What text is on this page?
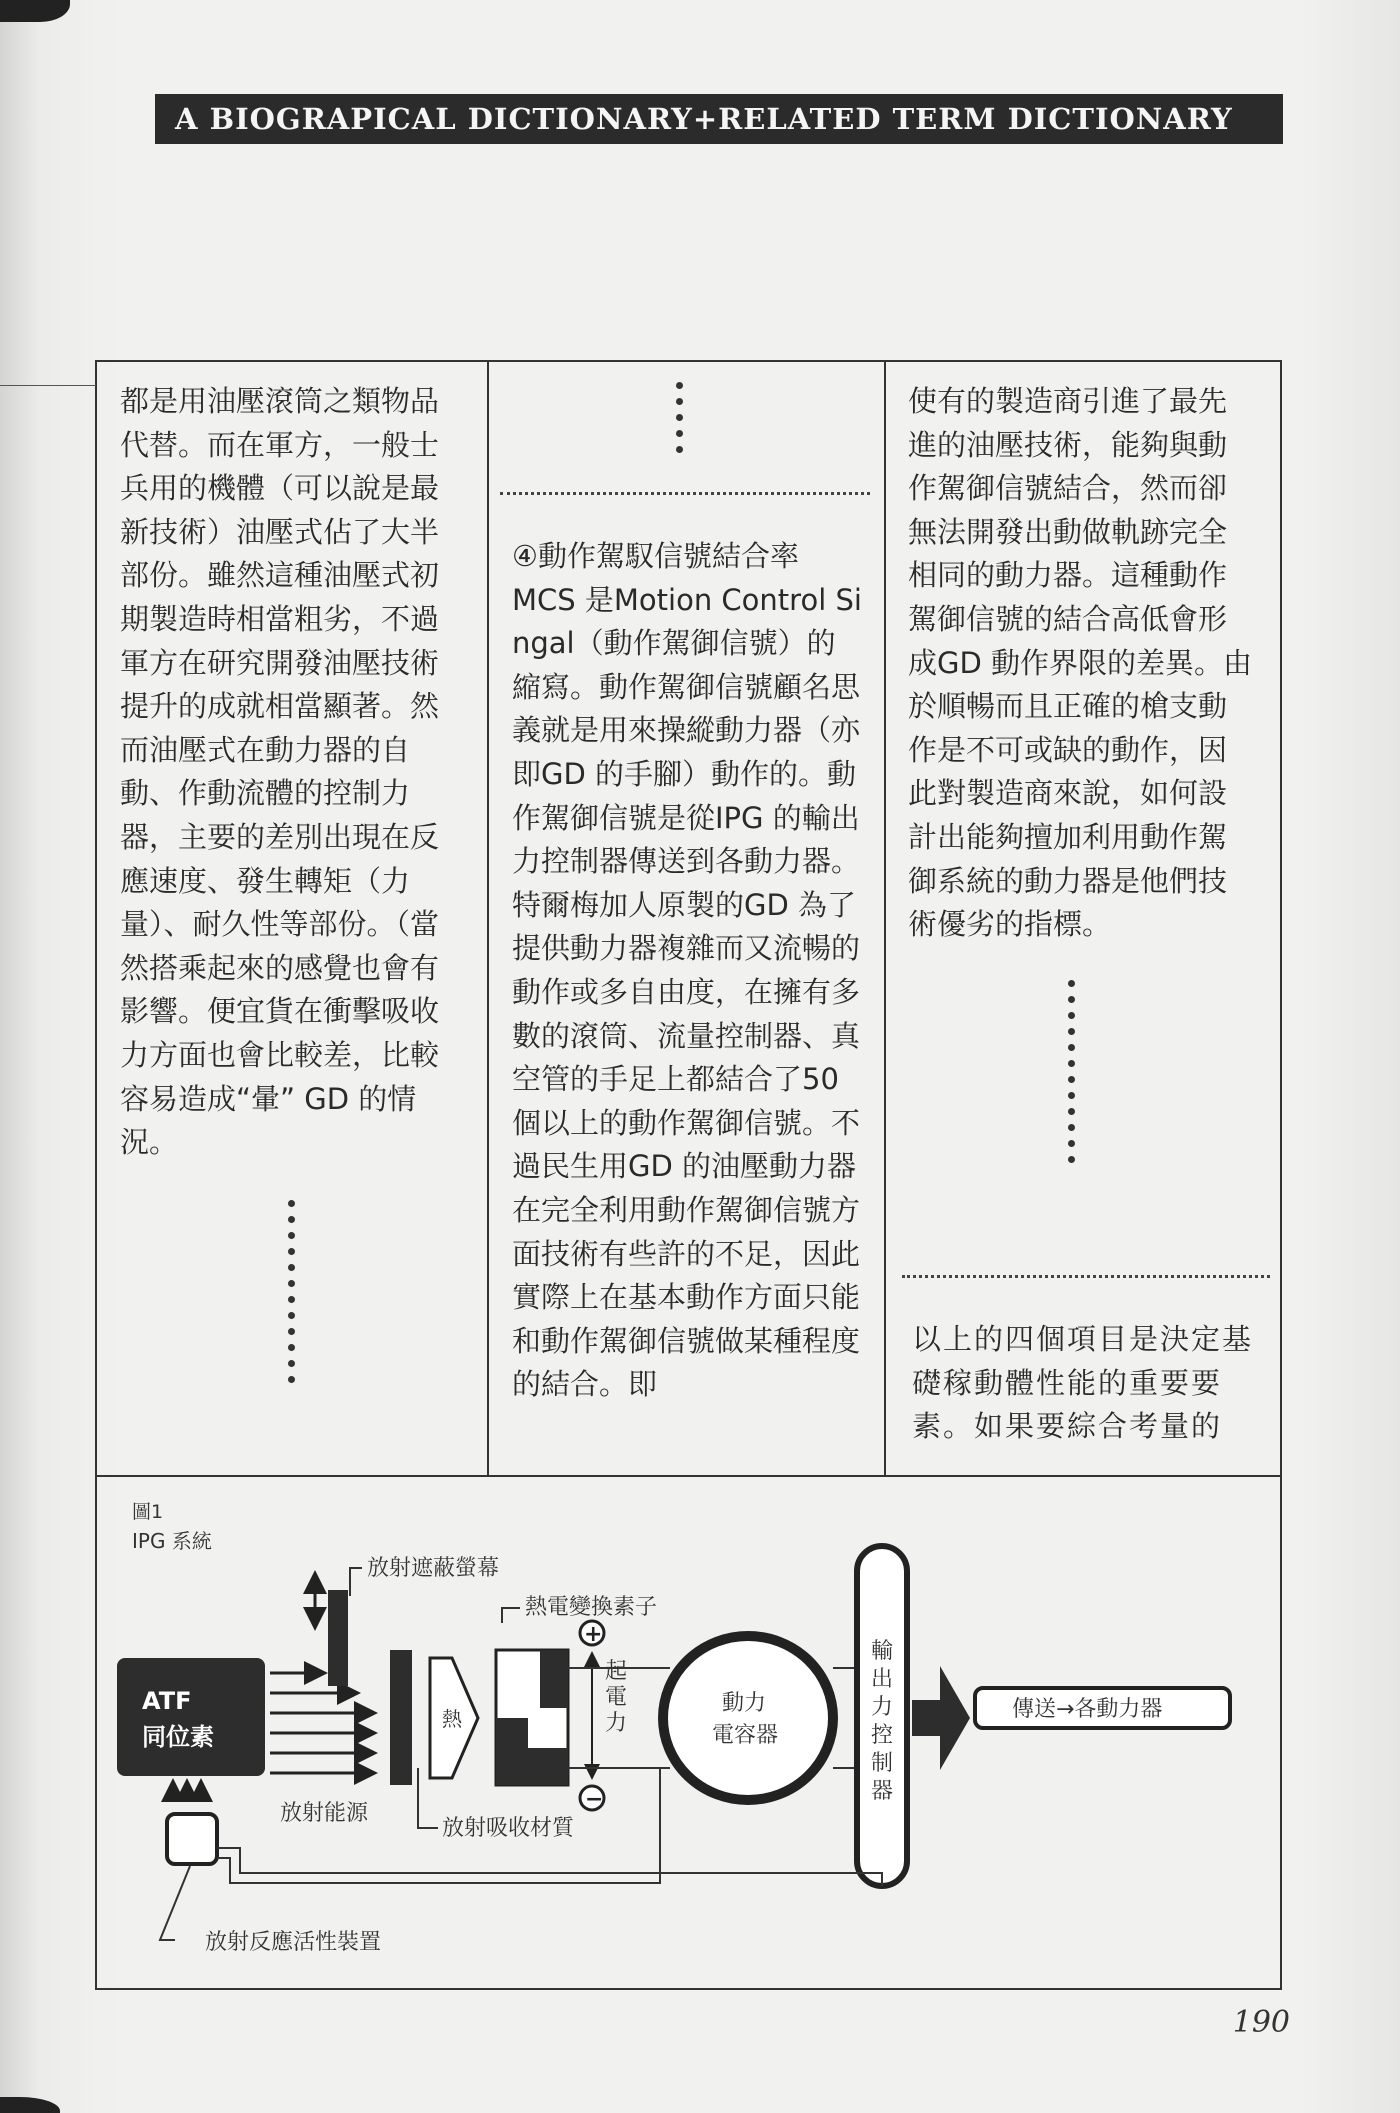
A BIOGRAPICAL DICTIONARY+RELATED TERM DICTIONARY
都是用油壓滾筒之類物品代替。而在軍方，一般士兵用的機體（可以說是最新技術）油壓式佔了大半部份。雖然這種油壓式初期製造時相當粗劣，不過軍方在研究開發油壓技術提升的成就相當顯著。然而油壓式在動力器的自動、作動流體的控制力器，主要的差別出現在反應速度、發生轉矩（力量）、耐久性等部份。（當然搭乘起來的感覺也會有影響。便宜貨在衝擊吸收力方面也會比較差，比較容易造成“暈” GD 的情況。
④動作駕馭信號結合率
MCS 是Motion Control Singal（動作駕御信號）的縮寫。動作駕御信號顧名思義就是用來操縱動力器（亦即GD 的手腳）動作的。動作駕御信號是從IPG 的輸出力控制器傳送到各動力器。特爾梅加人原製的GD 為了提供動力器複雜而又流暢的動作或多自由度，在擁有多數的滾筒、流量控制器、真空管的手足上都結合了50 個以上的動作駕御信號。不過民生用GD 的油壓動力器在完全利用動作駕御信號方面技術有些許的不足，因此實際上在基本動作方面只能和動作駕御信號做某種程度的結合。即
使有的製造商引進了最先進的油壓技術，能夠與動作駕御信號結合，然而卻無法開發出動做軌跡完全相同的動力器。這種動作駕御信號的結合高低會形成GD 動作界限的差異。由於順暢而且正確的槍支動作是不可或缺的動作，因此對製造商來說，如何設計出能夠擅加利用動作駕御系統的動力器是他們技術優劣的指標。
以上的四個項目是決定基礎稼動體性能的重要要素。如果要綜合考量的
圖1
IPG 系統
ATF
同位素
放射遮蔽螢幕
放射吸收材質
熱
熱電變換素子
+
−
起
電
力
動力
電容器
輸
出
力
控
制
器
傳送→各動力器
放射能源
放射反應活性裝置
190
